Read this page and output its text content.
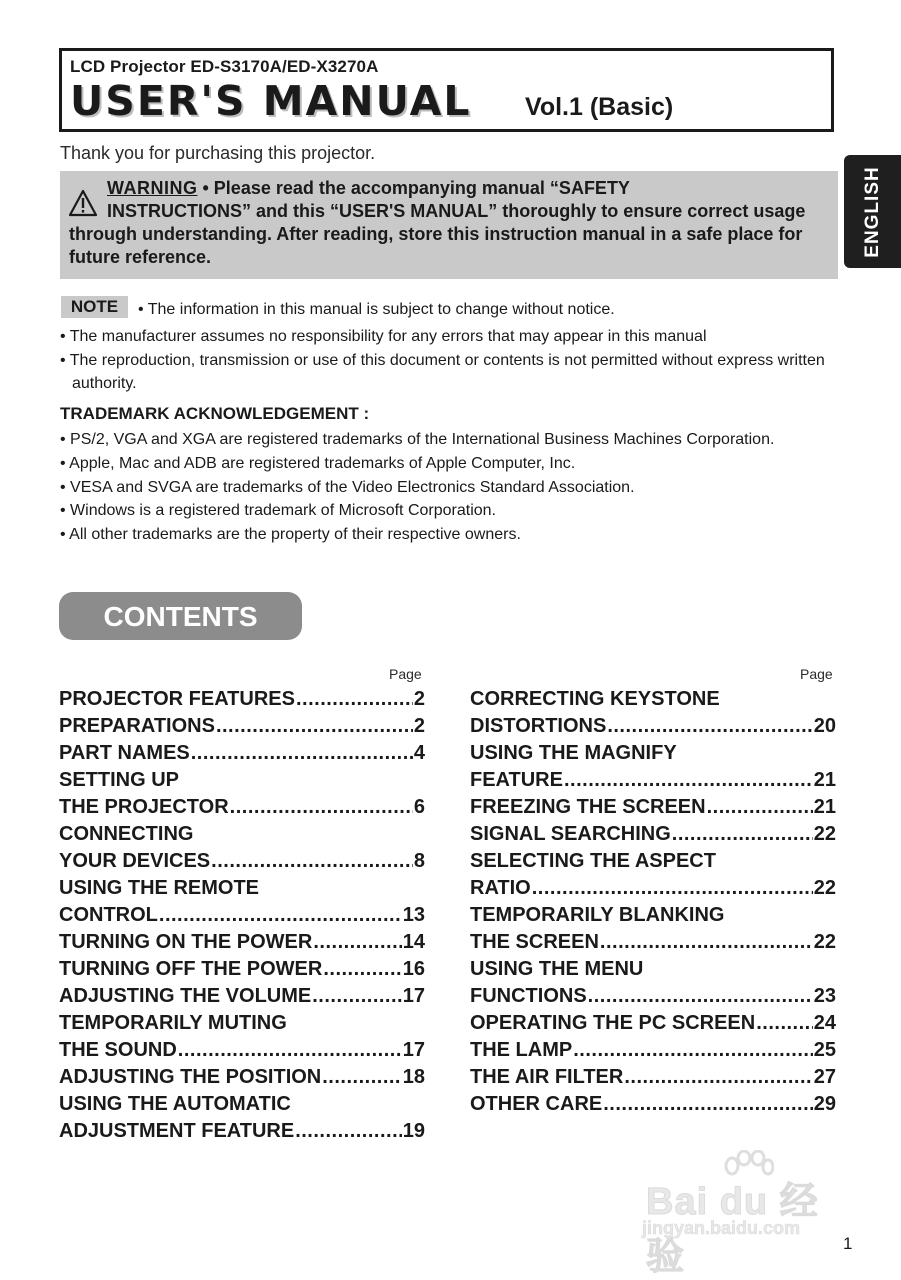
LCD Projector ED-S3170A/ED-X3270A
USER'S MANUAL Vol.1 (Basic)
Thank you for purchasing this projector.
ENGLISH
WARNING • Please read the accompanying manual “SAFETY
INSTRUCTIONS” and this “USER'S MANUAL” thoroughly to ensure correct usage through understanding. After reading, store this instruction manual in a safe place for future reference.
NOTE	• The information in this manual is subject to change without notice.
• The manufacturer assumes no responsibility for any errors that may appear in this manual
• The reproduction, transmission or use of this document or contents is not permitted without express written authority.
TRADEMARK ACKNOWLEDGEMENT :
• PS/2, VGA and XGA are registered trademarks of the International Business Machines Corporation.
• Apple, Mac and ADB are registered trademarks of Apple Computer, Inc.
• VESA and SVGA are trademarks of the Video Electronics Standard Association.
• Windows is a registered trademark of Microsoft Corporation.
• All other trademarks are the property of their respective owners.
CONTENTS
Page	Page
PROJECTOR FEATURES .....	2
PREPARATIONS .....	2
PART NAMES .....	4
SETTING UP
THE PROJECTOR .....	6
CONNECTING
YOUR DEVICES .....	8
USING THE REMOTE
CONTROL .....	13
TURNING ON THE POWER .....	14
TURNING OFF THE POWER .....	16
ADJUSTING THE VOLUME .....	17
TEMPORARILY MUTING
THE SOUND .....	17
ADJUSTING THE POSITION .....	18
USING THE AUTOMATIC
ADJUSTMENT FEATURE .....	19
CORRECTING KEYSTONE
DISTORTIONS .....	20
USING THE MAGNIFY
FEATURE .....	21
FREEZING THE SCREEN .....	21
SIGNAL SEARCHING .....	22
SELECTING THE ASPECT
RATIO .....	22
TEMPORARILY BLANKING
THE SCREEN .....	22
USING THE MENU
FUNCTIONS .....	23
OPERATING THE PC SCREEN .....	24
THE LAMP .....	25
THE AIR FILTER .....	27
OTHER CARE .....	29
Bai du 经验
jingyan.baidu.com
1
